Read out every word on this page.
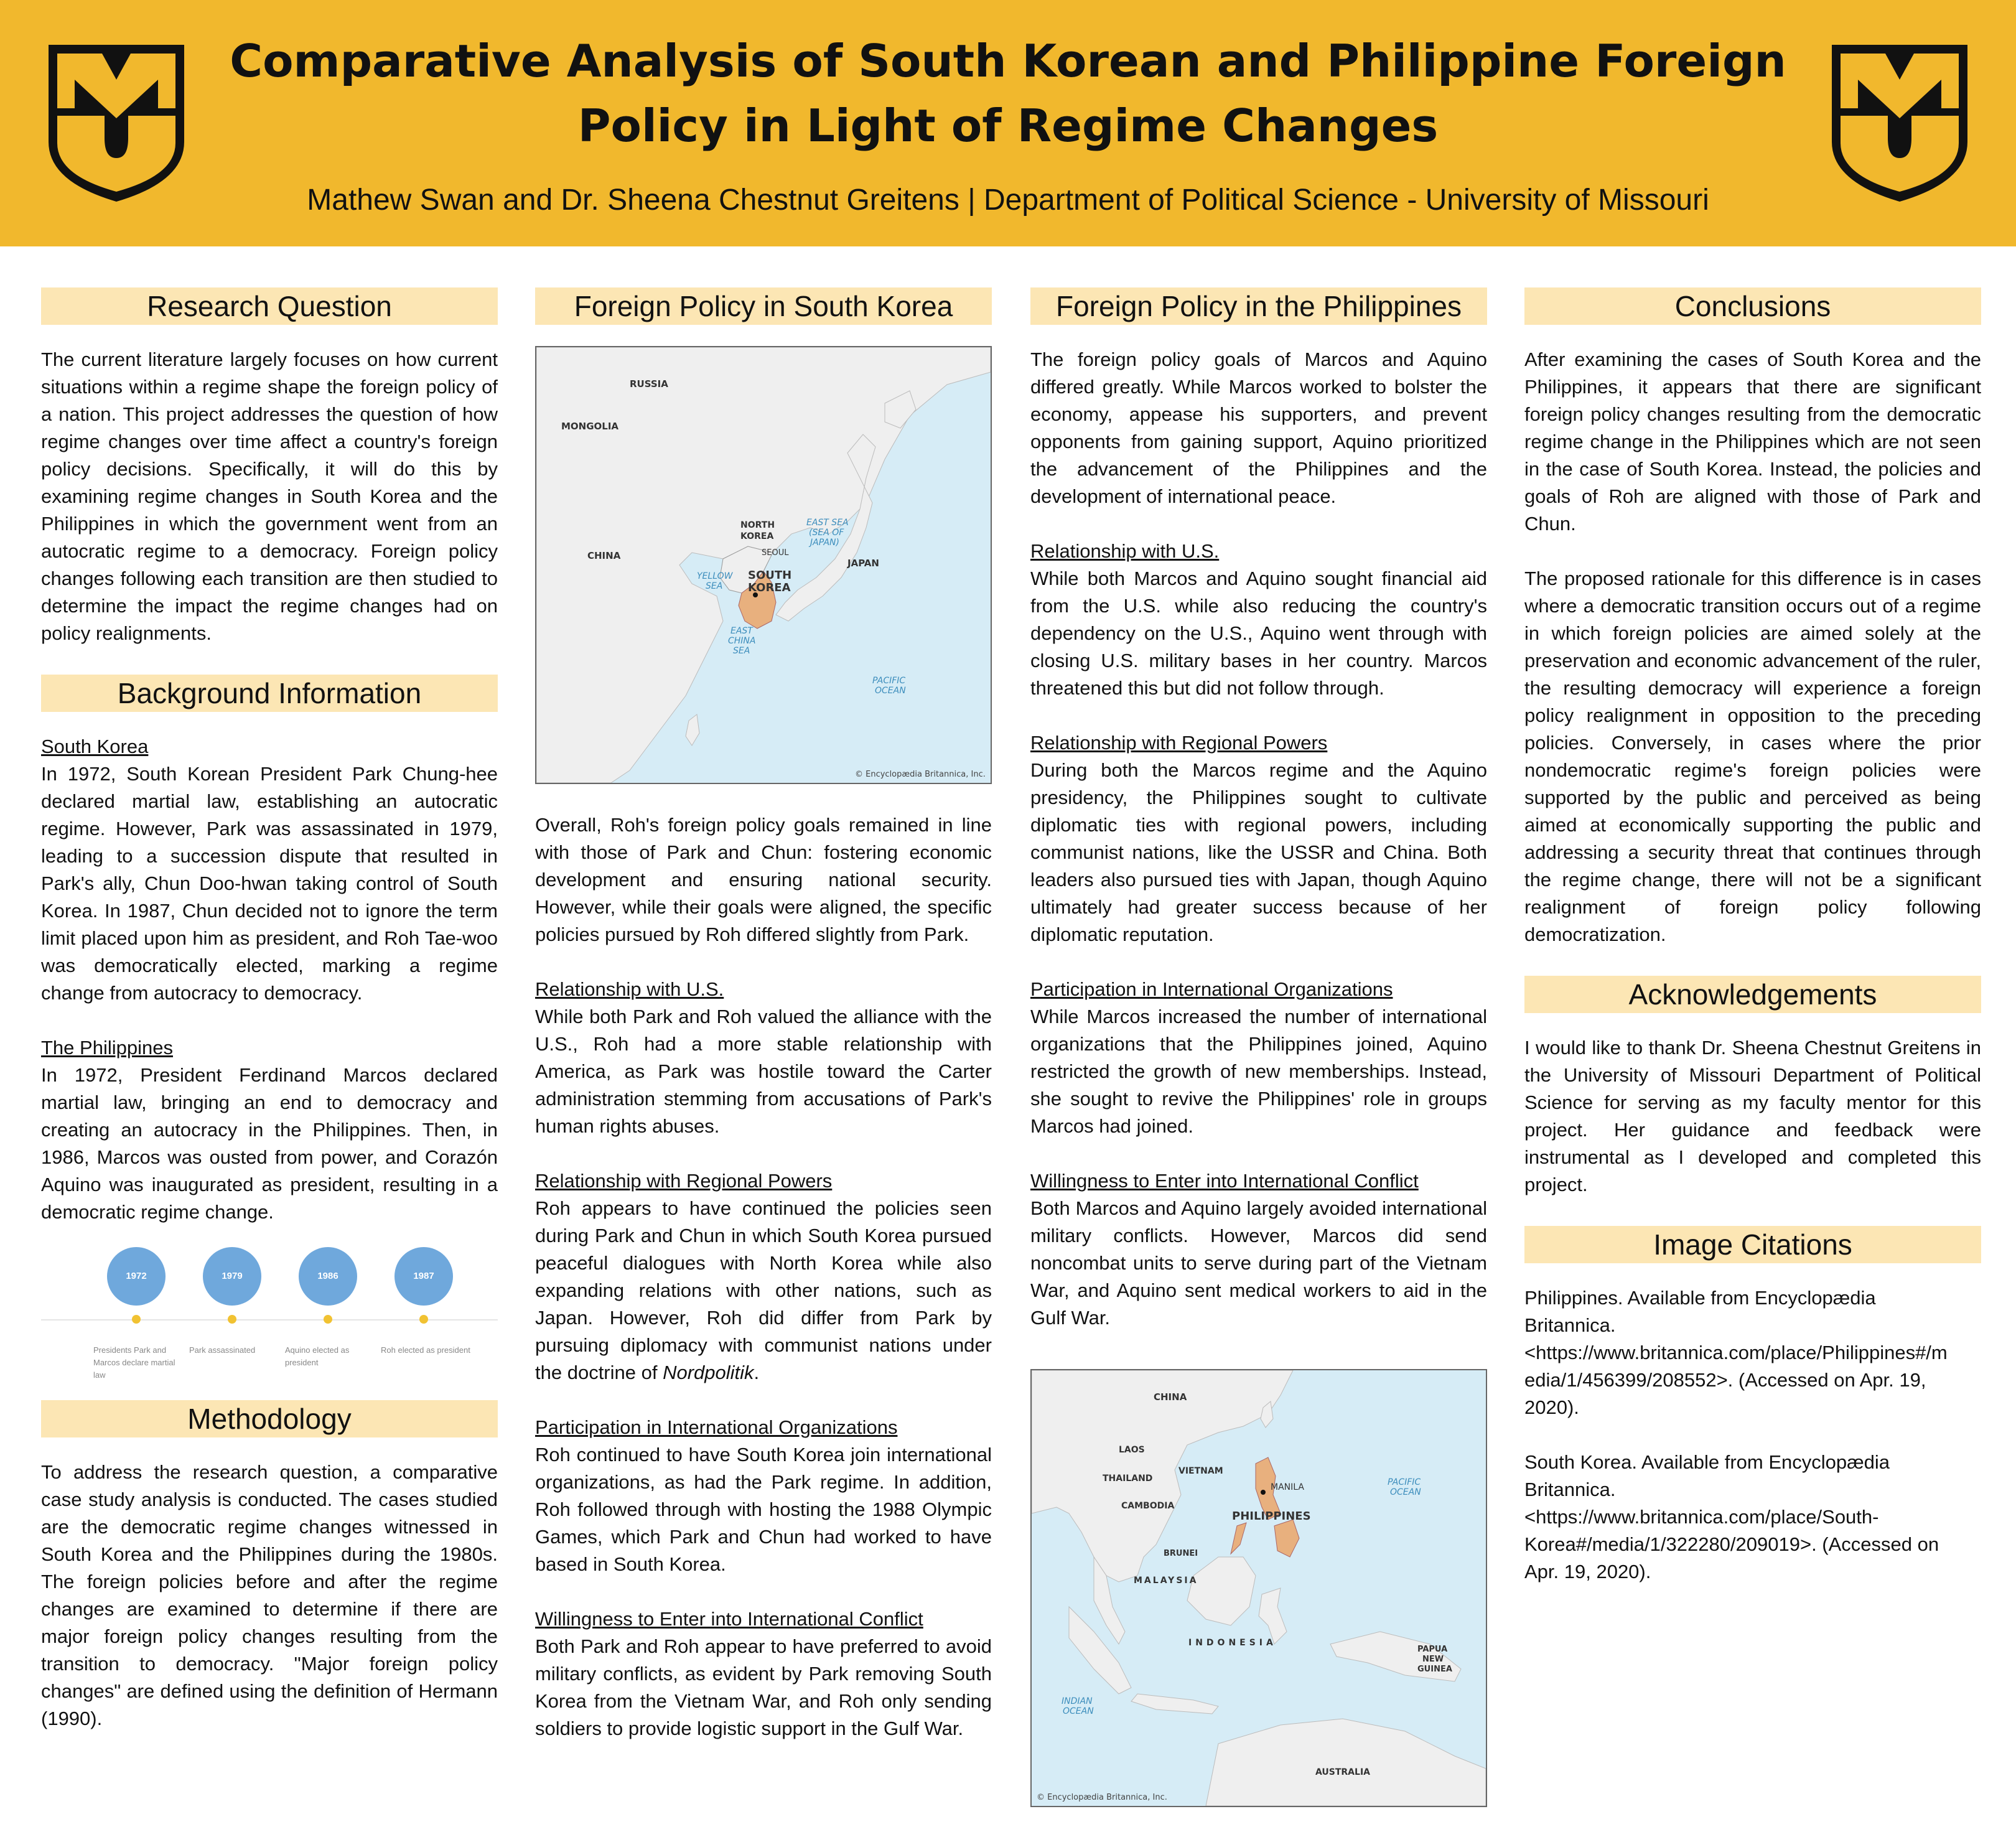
Comparative Analysis of South Korean and Philippine Foreign Policy in Light of Regime Changes
Mathew Swan and Dr. Sheena Chestnut Greitens | Department of Political Science - University of Missouri
Research Question

The current literature largely focuses on how current situations within a regime shape the foreign policy of a nation. This project addresses the question of how regime changes over time affect a country's foreign policy decisions. Specifically, it will do this by examining regime changes in South Korea and the Philippines in which the government went from an autocratic regime to a democracy. Foreign policy changes following each transition are then studied to determine the impact the regime changes had on policy realignments.

Background Information

South Korea

In 1972, South Korean President Park Chung-hee declared martial law, establishing an autocratic regime. However, Park was assassinated in 1979, leading to a succession dispute that resulted in Park's ally, Chun Doo-hwan taking control of South Korea. In 1987, Chun decided not to ignore the term limit placed upon him as president, and Roh Tae-woo was democratically elected, marking a regime change from autocracy to democracy.

The Philippines

In 1972, President Ferdinand Marcos declared martial law, bringing an end to democracy and creating an autocracy in the Philippines. Then, in 1986, Marcos was ousted from power, and Corazón Aquino was inaugurated as president, resulting in a democratic regime change.

1972
Presidents Park and Marcos declare martial law
1979
Park assassinated
1986
Aquino elected as president
1987
Roh elected as president
Methodology

To address the research question, a comparative case study analysis is conducted. The cases studied are the democratic regime changes witnessed in South Korea and the Philippines during the 1980s. The foreign policies before and after the regime changes are examined to determine if there are major foreign policy changes resulting from the transition to democracy. "Major foreign policy changes" are defined using the definition of Hermann (1990).

Foreign Policy in South Korea
RUSSIA
MONGOLIA
CHINA
NORTH
KOREA
SEOUL
SOUTH
KOREA
JAPAN
EAST SEA
(SEA OF
JAPAN)
YELLOW
SEA
EAST
CHINA
SEA
PACIFIC
OCEAN
© Encyclopædia Britannica, Inc.

Overall, Roh's foreign policy goals remained in line with those of Park and Chun: fostering economic development and ensuring national security. However, while their goals were aligned, the specific policies pursued by Roh differed slightly from Park.

Relationship with U.S.

While both Park and Roh valued the alliance with the U.S., Roh had a more stable relationship with America, as Park was hostile toward the Carter administration stemming from accusations of Park's human rights abuses.

Relationship with Regional Powers

Roh appears to have continued the policies seen during Park and Chun in which South Korea pursued peaceful dialogues with North Korea while also expanding relations with other nations, such as Japan. However, Roh did differ from Park by pursuing diplomacy with communist nations under the doctrine of Nordpolitik.

Participation in International Organizations

Roh continued to have South Korea join international organizations, as had the Park regime. In addition, Roh followed through with hosting the 1988 Olympic Games, which Park and Chun had worked to have based in South Korea.

Willingness to Enter into International Conflict

Both Park and Roh appear to have preferred to avoid military conflicts, as evident by Park removing South Korea from the Vietnam War, and Roh only sending soldiers to provide logistic support in the Gulf War.

Foreign Policy in the Philippines

The foreign policy goals of Marcos and Aquino differed greatly. While Marcos worked to bolster the economy, appease his supporters, and prevent opponents from gaining support, Aquino prioritized the advancement of the Philippines and the development of international peace.

Relationship with U.S.

While both Marcos and Aquino sought financial aid from the U.S. while also reducing the country's dependency on the U.S., Aquino went through with closing U.S. military bases in her country. Marcos threatened this but did not follow through.

Relationship with Regional Powers

During both the Marcos regime and the Aquino presidency, the Philippines sought to cultivate diplomatic ties with regional powers, including communist nations, like the USSR and China. Both leaders also pursued ties with Japan, though Aquino ultimately had greater success because of her diplomatic reputation.

Participation in International Organizations

While Marcos increased the number of international organizations that the Philippines joined, Aquino restricted the growth of new memberships. Instead, she sought to revive the Philippines' role in groups Marcos had joined.

Willingness to Enter into International Conflict

Both Marcos and Aquino largely avoided international military conflicts. However, Marcos did send noncombat units to serve during part of the Vietnam War, and Aquino sent medical workers to aid in the Gulf War.

CHINA
LAOS
VIETNAM
THAILAND
CAMBODIA
MANILA
PHILIPPINES
PACIFIC
OCEAN
BRUNEI
MALAYSIA
INDONESIA
PAPUA
NEW
GUINEA
INDIAN
OCEAN
AUSTRALIA
© Encyclopædia Britannica, Inc.
Conclusions

After examining the cases of South Korea and the Philippines, it appears that there are significant foreign policy changes resulting from the democratic regime change in the Philippines which are not seen in the case of South Korea. Instead, the policies and goals of Roh are aligned with those of Park and Chun.

The proposed rationale for this difference is in cases where a democratic transition occurs out of a regime in which foreign policies are aimed solely at the preservation and economic advancement of the ruler, the resulting democracy will experience a foreign policy realignment in opposition to the preceding policies. Conversely, in cases where the prior nondemocratic regime's foreign policies were supported by the public and perceived as being aimed at economically supporting the public and addressing a security threat that continues through the regime change, there will not be a significant realignment of foreign policy following democratization.

Acknowledgements

I would like to thank Dr. Sheena Chestnut Greitens in the University of Missouri Department of Political Science for serving as my faculty mentor for this project. Her guidance and feedback were instrumental as I developed and completed this project.

Image Citations

Philippines. Available from Encyclopædia
Britannica.
<https://www.britannica.com/place/Philippines#/m
edia/1/456399/208552>. (Accessed on Apr. 19,
2020).

South Korea. Available from Encyclopædia
Britannica.
<https://www.britannica.com/place/South-
Korea#/media/1/322280/209019>. (Accessed on
Apr. 19, 2020).
